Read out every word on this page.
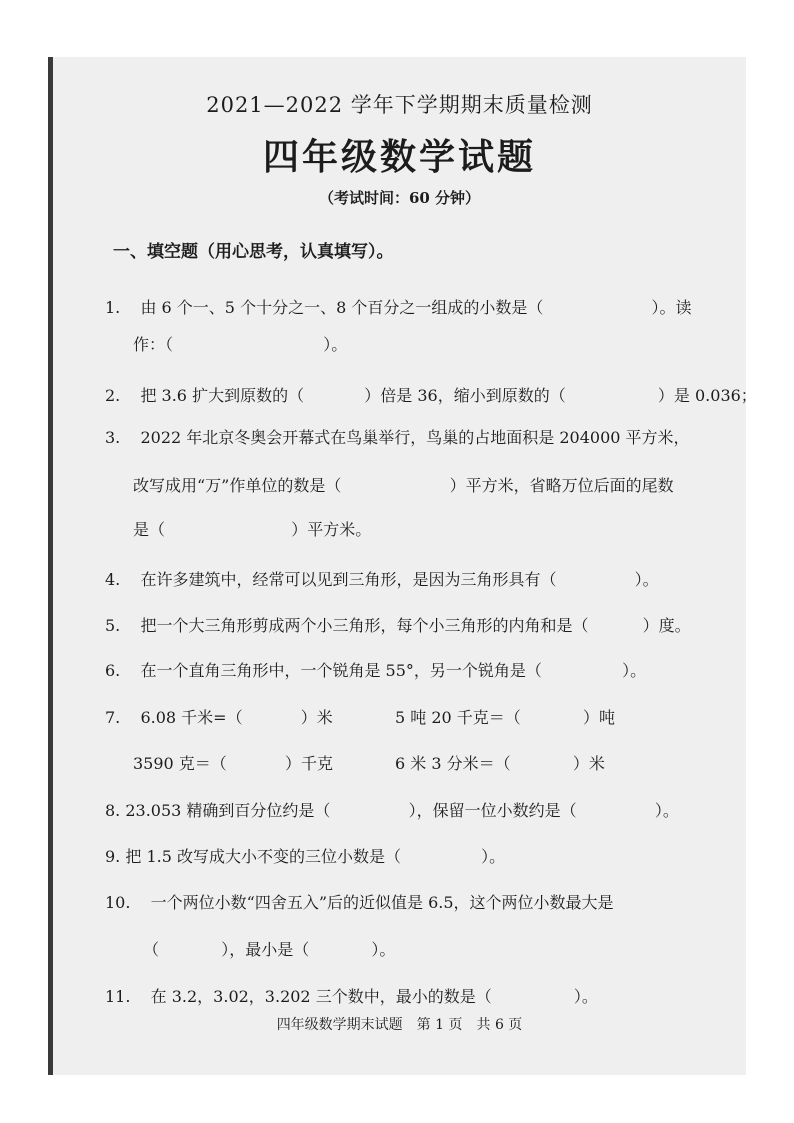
2021—2022 学年下学期期末质量检测
四年级数学试题
（考试时间：60 分钟）
一、填空题（用心思考，认真填写）。
1. 由 6 个一、5 个十分之一、8 个百分之一组成的小数是（	）。读
作：（	）。
2. 把 3.6 扩大到原数的（	）倍是 36，缩小到原数的（	）是 0.036；
3. 2022 年北京冬奥会开幕式在鸟巢举行，鸟巢的占地面积是 204000 平方米，
改写成用“万”作单位的数是（	）平方米，省略万位后面的尾数
是（	）平方米。
4. 在许多建筑中，经常可以见到三角形，是因为三角形具有（	）。
5. 把一个大三角形剪成两个小三角形，每个小三角形的内角和是（	）度。
6. 在一个直角三角形中，一个锐角是 55°，另一个锐角是（	）。
7. 6.08 千米=（	）米	5 吨 20 千克＝（	）吨
3590 克＝（	）千克	6 米 3 分米＝（	）米
8. 23.053 精确到百分位约是（	），保留一位小数约是（	）。
9. 把 1.5 改写成大小不变的三位小数是（	）。
10. 一个两位小数“四舍五入”后的近似值是 6.5，这个两位小数最大是
（	），最小是（	）。
11. 在 3.2，3.02，3.202 三个数中，最小的数是（	）。
四年级数学期末试题　第 1 页　共 6 页
